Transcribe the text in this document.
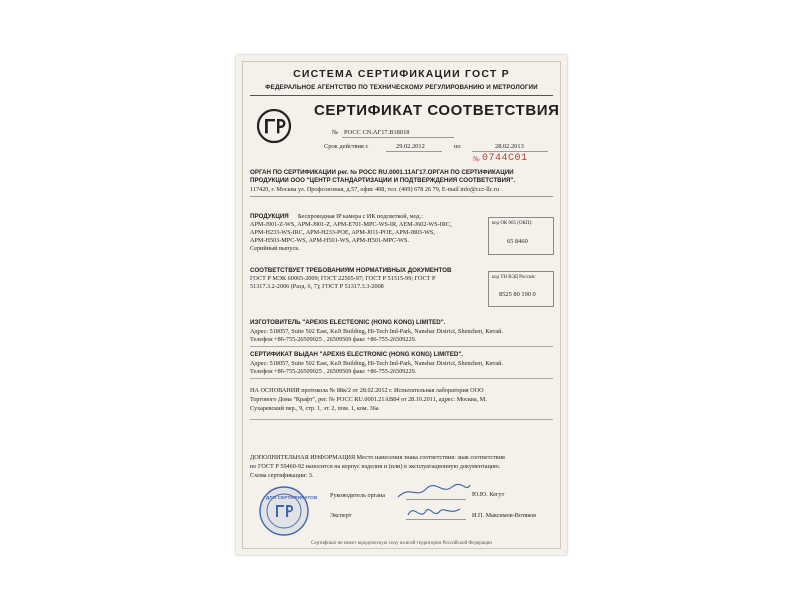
СИСТЕМА СЕРТИФИКАЦИИ ГОСТ Р
ФЕДЕРАЛЬНОЕ АГЕНТСТВО ПО ТЕХНИЧЕСКОМУ РЕГУЛИРОВАНИЮ И МЕТРОЛОГИИ
СЕРТИФИКАТ СООТВЕТСТВИЯ
№ РОСС CN.АГ17.В18018
Срок действия с	29.02.2012	по	28.02.2013
№ 0744С01
ОРГАН ПО СЕРТИФИКАЦИИ рег. № РОСС RU.0001.11АГ17.ОРГАН ПО СЕРТИФИКАЦИИ
ПРОДУКЦИИ ООО "ЦЕНТР СТАНДАРТИЗАЦИИ И ПОДТВЕРЖДЕНИЯ СООТВЕТСТВИЯ".
117420, г. Москва ул. Профсоюзная, д.57, офис 408, тел. (499) 678 26 79, E-mail info@ccc-llc.ru
ПРОДУКЦИЯ Беспроводная IP камера с ИК подсветкой, мод.:
APM-J901-Z-WS, APM-J901-Z, APM-E701-MPC-WS-IR, AEM-J602-WS-IRC,
APM-H233-WS-IRC, APM-H233-POE, APM-J011-POE, APM-J803-WS,
APM-H503-MPC-WS, APM-H501-WS, APM-H501-MPC-WS.
Серийный выпуск.
код ОК 005 (ОКП):
65 8460
СООТВЕТСТВУЕТ ТРЕБОВАНИЯМ НОРМАТИВНЫХ ДОКУМЕНТОВ
ГОСТ Р МЭК 60065-2009; ГОСТ 22505-97; ГОСТ Р 51515-99; ГОСТ Р
51317.3.2-2006 (Разд. 6, 7); ГОСТ Р 51317.3.3-2008
код ТН ВЭД России:
8525 80 190 0
ИЗГОТОВИТЕЛЬ "APEXIS ELECTEONIC (HONG KONG) LIMITED".
Адрес: 518057, Suite 502 East, KeJi Building, Hi-Tech Ind-Park, Nanshar District, Shenzhen, Китай.
Телефон +86-755-26509025 , 26509569 факс +86-755-26509229.
СЕРТИФИКАТ ВЫДАН "APEXIS ELECTRONIC (HONG KONG) LIMITED".
Адрес: 518057, Suite 502 East, KeJi Building, Hi-Tech Ind-Park, Nanshar District, Shenzhen, Китай.
Телефон +86-755-26509025 , 26509569 факс +86-755-26509229.
НА ОСНОВАНИИ протокола № 88к/2 от 28.02.2012 г. Испытательная лаборатория ООО
Торгового Дома "Крафт", рег. № РОСС RU.0001.21АВ84 от 28.10.2011, адрес: Москва, М.
Сухаревский пер., 9, стр. 1, эт. 2, пом. 1, ком. 36а
ДОПОЛНИТЕЛЬНАЯ ИНФОРМАЦИЯ Место нанесения знака соответствия: знак соответствия
по ГОСТ Р 50460-92 наносится на корпус изделия и (или) в эксплуатационную документацию.
Схема сертификации: 3.
Руководитель органа	Ю.Ю. Кегут
Эксперт	И.П. Максимов-Вотяков
ДЛЯ СЕРТИФИКАТОВ
Сертификат не имеет юридическую силу на всей территории Российской Федерации
